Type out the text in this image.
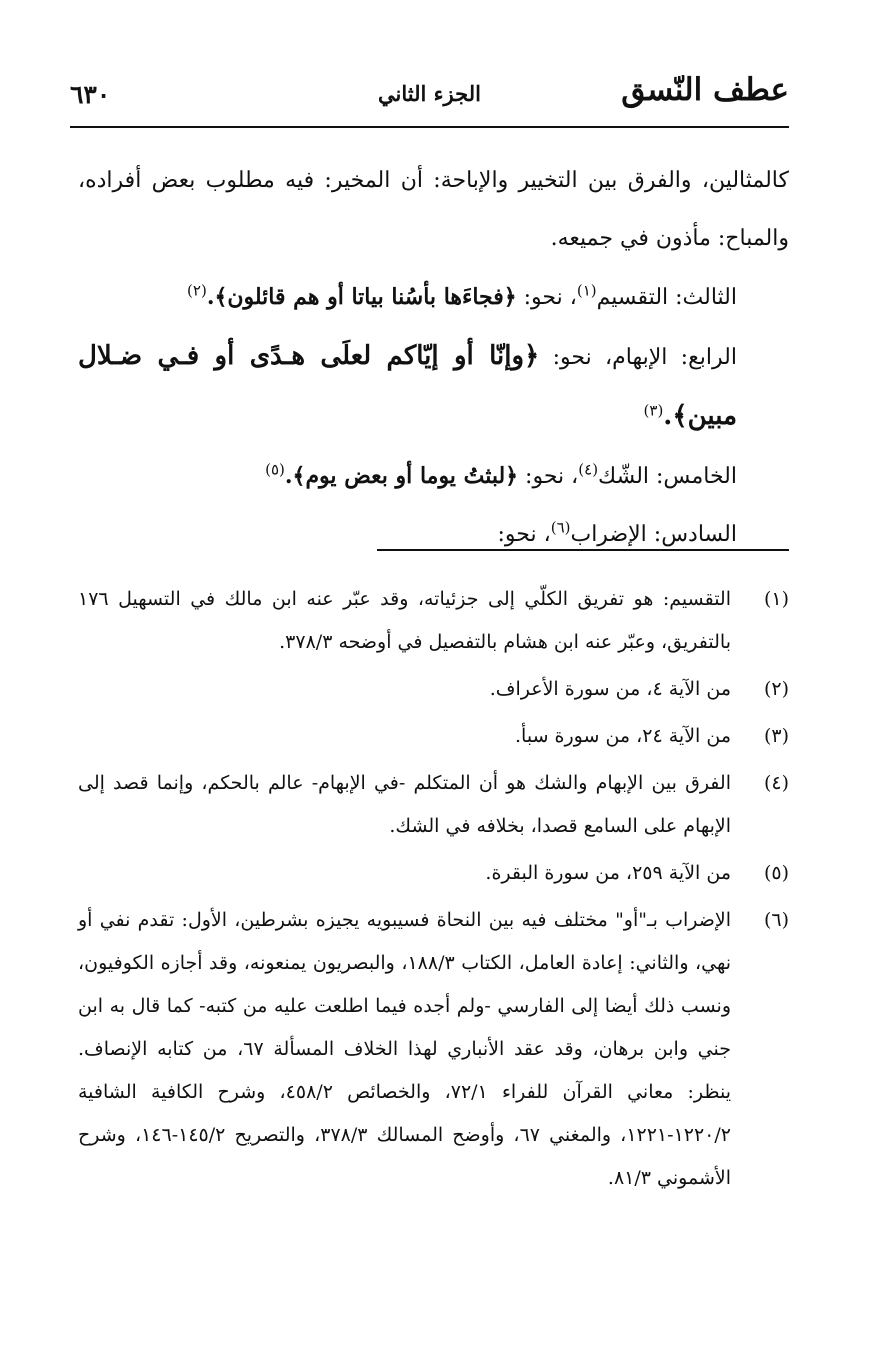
عطف النّسق
الجزء الثاني
٦٣٠

كالمثالين، والفرق بين التخيير والإباحة: أن المخير: فيه مطلوب بعض أفراده، والمباح: مأذون في جميعه.

الثالث: التقسيم$^{(١)}$، نحو: ﴿فجاءَها بأسُنا بياتا أو هم قائلون﴾.$^{(٢)}$

الرابع: الإبهام، نحو: ﴿وإنّا أو إيّاكم لعلَى هـدًى أو فـي ضـلال مبين﴾.$^{(٣)}$

الخامس: الشّك$^{(٤)}$، نحو: ﴿لبثتُ يوما أو بعض يوم﴾.$^{(٥)}$

السادس: الإضراب$^{(٦)}$، نحو:

(١)
التقسيم: هو تفريق الكلّي إلى جزئياته، وقد عبّر عنه ابن مالك في التسهيل ١٧٦ بالتفريق، وعبّر عنه ابن هشام بالتفصيل في أوضحه ٣٧٨/٣.
(٢)
من الآية ٤، من سورة الأعراف.
(٣)
من الآية ٢٤، من سورة سبأ.
(٤)
الفرق بين الإبهام والشك هو أن المتكلم -في الإبهام- عالم بالحكم، وإنما قصد إلى الإبهام على السامع قصدا، بخلافه في الشك.
(٥)
من الآية ٢٥٩، من سورة البقرة.
(٦)
الإضراب بـ"أو" مختلف فيه بين النحاة فسيبويه يجيزه بشرطين، الأول: تقدم نفي أو نهي، والثاني: إعادة العامل، الكتاب ١٨٨/٣، والبصريون يمنعونه، وقد أجازه الكوفيون، ونسب ذلك أيضا إلى الفارسي -ولم أجده فيما اطلعت عليه من كتبه- كما قال به ابن جني وابن برهان، وقد عقد الأنباري لهذا الخلاف المسألة ٦٧، من كتابه الإنصاف. ينظر: معاني القرآن للفراء ٧٢/١، والخصائص ٤٥٨/٢، وشرح الكافية الشافية ١٢٢٠/٢-١٢٢١، والمغني ٦٧، وأوضح المسالك ٣٧٨/٣، والتصريح ١٤٥/٢-١٤٦، وشرح الأشموني ٨١/٣.
